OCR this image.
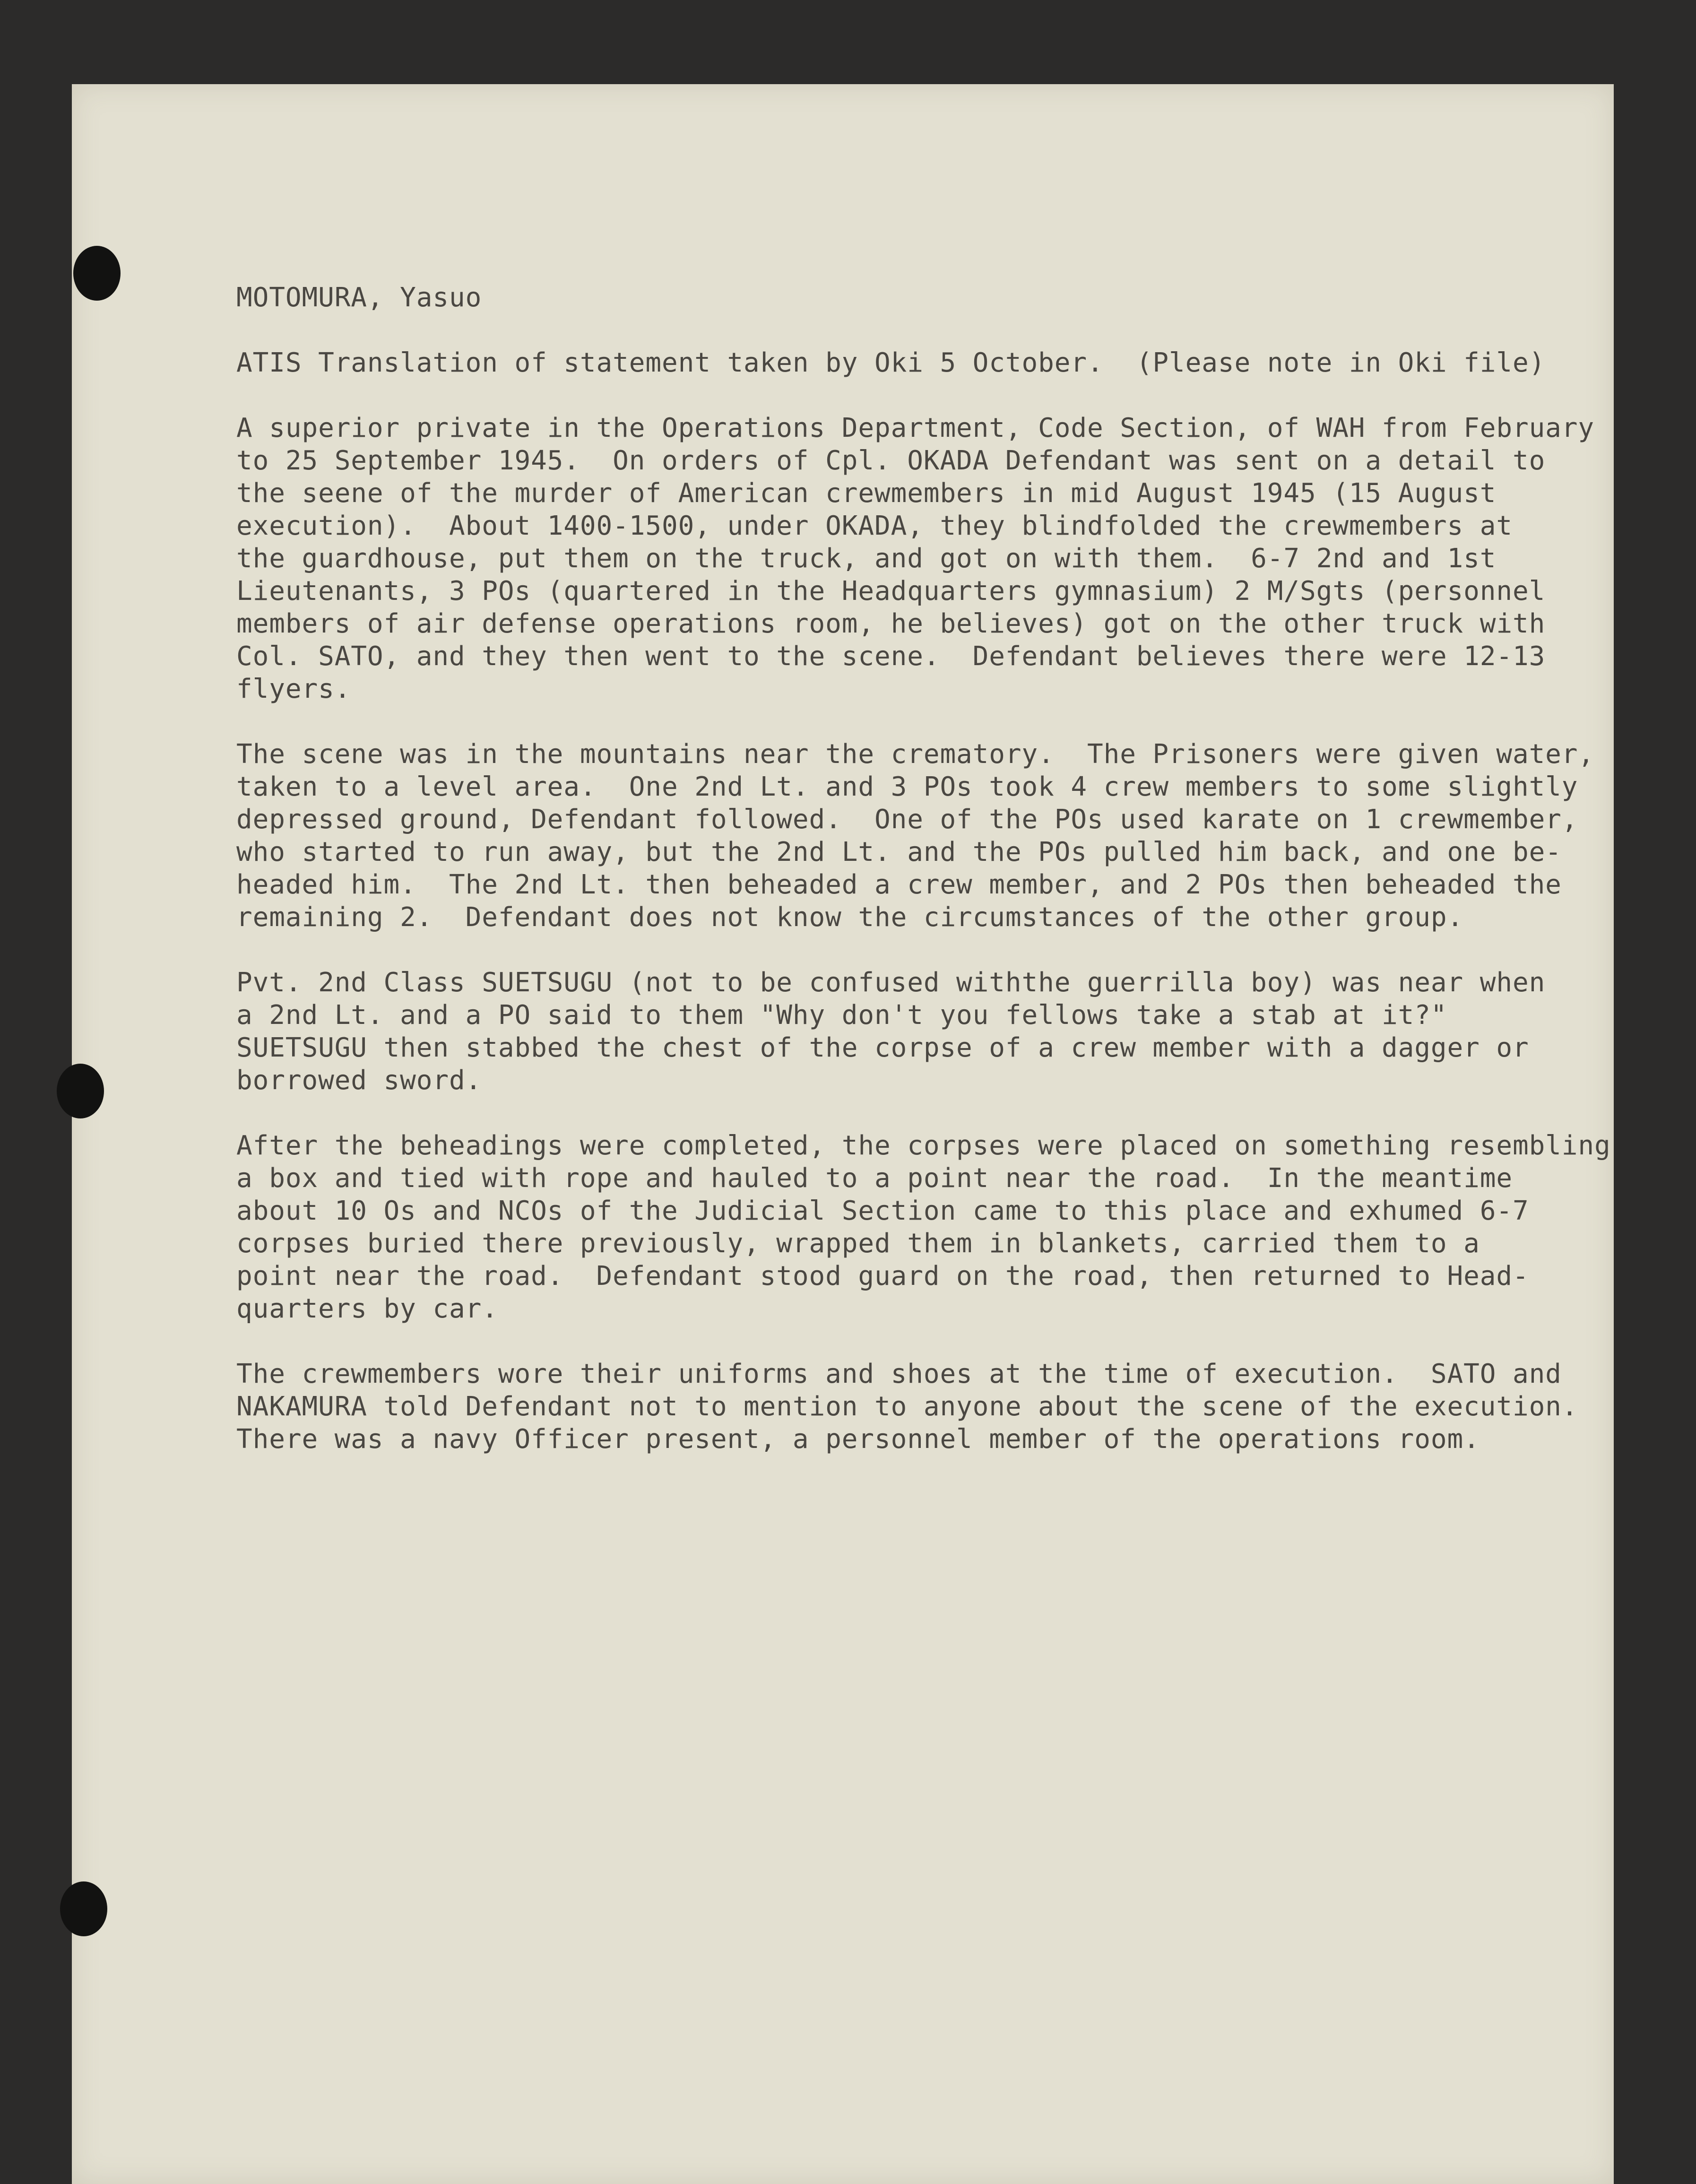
MOTOMURA, Yasuo
ATIS Translation of statement taken by Oki 5 October.  (Please note in Oki file)
A superior private in the Operations Department, Code Section, of WAH from February
to 25 September 1945.  On orders of Cpl. OKADA Defendant was sent on a detail to
the seene of the murder of American crewmembers in mid August 1945 (15 August
execution).  About 1400-1500, under OKADA, they blindfolded the crewmembers at
the guardhouse, put them on the truck, and got on with them.  6-7 2nd and 1st
Lieutenants, 3 POs (quartered in the Headquarters gymnasium) 2 M/Sgts (personnel
members of air defense operations room, he believes) got on the other truck with
Col. SATO, and they then went to the scene.  Defendant believes there were 12-13
flyers.
The scene was in the mountains near the crematory.  The Prisoners were given water,
taken to a level area.  One 2nd Lt. and 3 POs took 4 crew members to some slightly
depressed ground, Defendant followed.  One of the POs used karate on 1 crewmember,
who started to run away, but the 2nd Lt. and the POs pulled him back, and one be-
headed him.  The 2nd Lt. then beheaded a crew member, and 2 POs then beheaded the
remaining 2.  Defendant does not know the circumstances of the other group.
Pvt. 2nd Class SUETSUGU (not to be confused withthe guerrilla boy) was near when
a 2nd Lt. and a PO said to them "Why don't you fellows take a stab at it?"
SUETSUGU then stabbed the chest of the corpse of a crew member with a dagger or
borrowed sword.
After the beheadings were completed, the corpses were placed on something resembling
a box and tied with rope and hauled to a point near the road.  In the meantime
about 10 Os and NCOs of the Judicial Section came to this place and exhumed 6-7
corpses buried there previously, wrapped them in blankets, carried them to a
point near the road.  Defendant stood guard on the road, then returned to Head-
quarters by car.
The crewmembers wore their uniforms and shoes at the time of execution.  SATO and
NAKAMURA told Defendant not to mention to anyone about the scene of the execution.
There was a navy Officer present, a personnel member of the operations room.
